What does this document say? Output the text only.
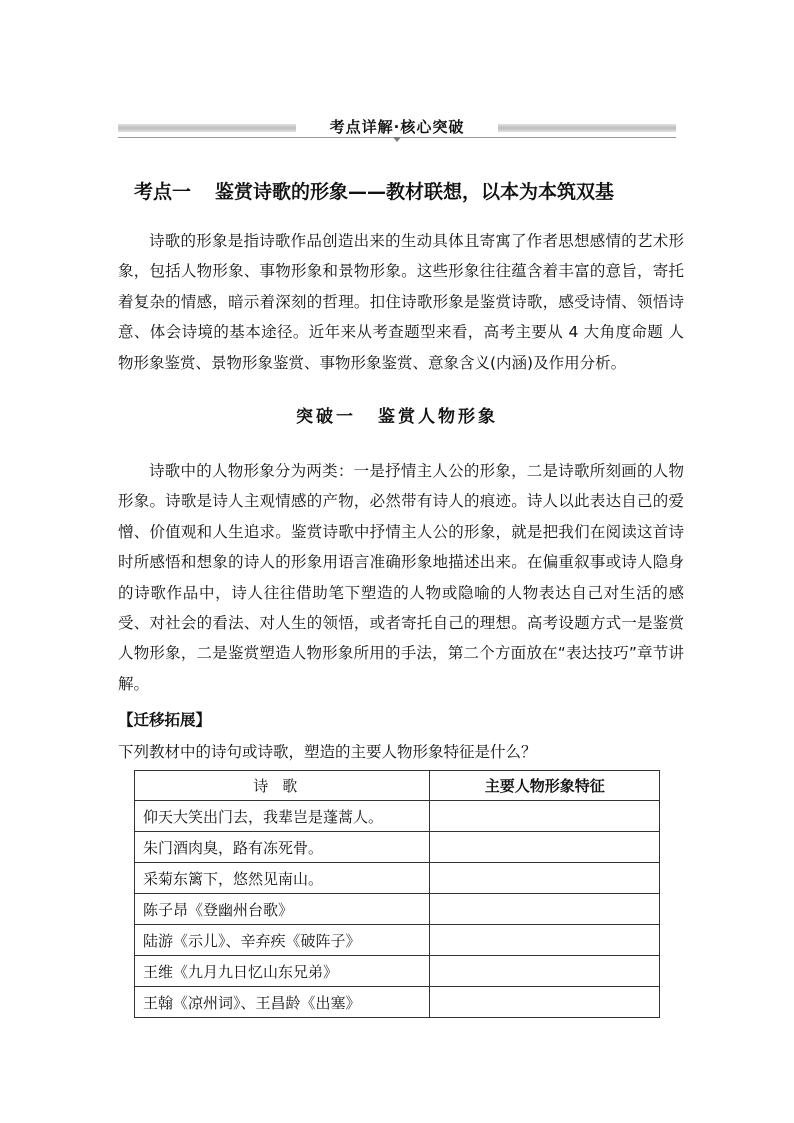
考点详解·核心突破
考点一 鉴赏诗歌的形象——教材联想，以本为本筑双基

诗歌的形象是指诗歌作品创造出来的生动具体且寄寓了作者思想感情的艺术形象，包括人物形象、事物形象和景物形象。这些形象往往蕴含着丰富的意旨，寄托着复杂的情感，暗示着深刻的哲理。扣住诗歌形象是鉴赏诗歌，感受诗情、领悟诗意、体会诗境的基本途径。近年来从考查题型来看，高考主要从 4 大角度命题 人物形象鉴赏、景物形象鉴赏、事物形象鉴赏、意象含义(内涵)及作用分析。

突破一 鉴赏人物形象

诗歌中的人物形象分为两类：一是抒情主人公的形象，二是诗歌所刻画的人物形象。诗歌是诗人主观情感的产物，必然带有诗人的痕迹。诗人以此表达自己的爱憎、价值观和人生追求。鉴赏诗歌中抒情主人公的形象，就是把我们在阅读这首诗时所感悟和想象的诗人的形象用语言准确形象地描述出来。在偏重叙事或诗人隐身的诗歌作品中，诗人往往借助笔下塑造的人物或隐喻的人物表达自己对生活的感受、对社会的看法、对人生的领悟，或者寄托自己的理想。高考设题方式一是鉴赏人物形象，二是鉴赏塑造人物形象所用的手法，第二个方面放在“表达技巧”章节讲解。

【迁移拓展】
下列教材中的诗句或诗歌，塑造的主要人物形象特征是什么？
诗歌	主要人物形象特征
仰天大笑出门去，我辈岂是蓬蒿人。	
朱门酒肉臭，路有冻死骨。	
采菊东篱下，悠然见南山。	
陈子昂《登幽州台歌》	
陆游《示儿》、辛弃疾《破阵子》	
王维《九月九日忆山东兄弟》	
王翰《凉州词》、王昌龄《出塞》	
